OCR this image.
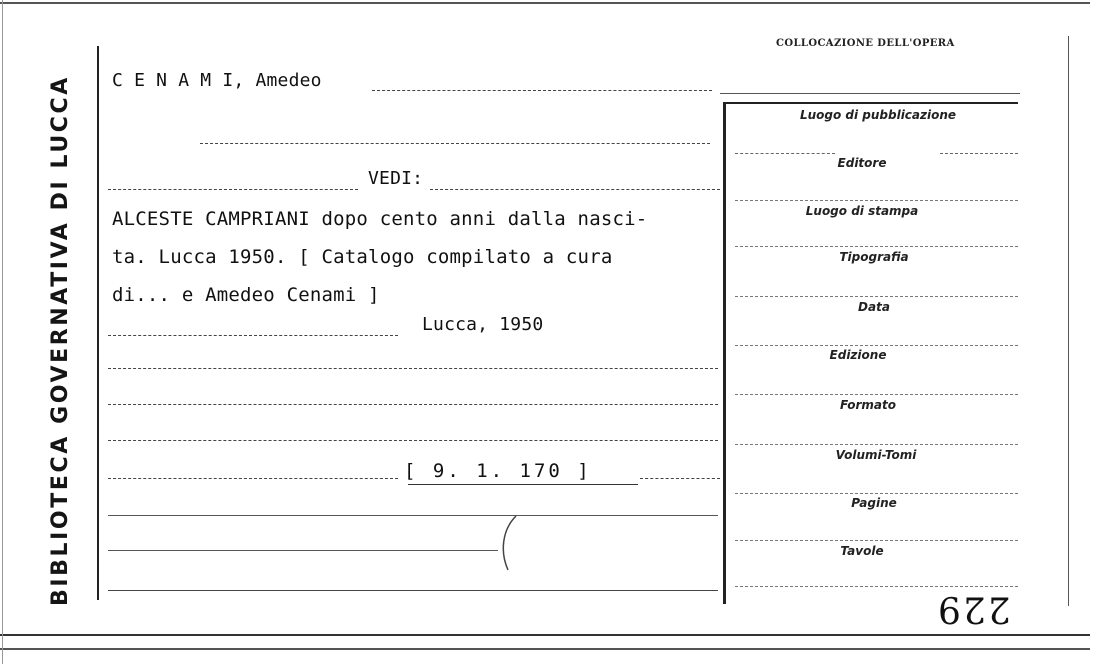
BIBLIOTECA GOVERNATIVA DI LUCCA
COLLOCAZIONE DELL'OPERA
C E N A M I, Amedeo
VEDI:
ALCESTE CAMPRIANI dopo cento anni dalla nasci-
ta. Lucca 1950. [ Catalogo compilato a cura
di... e Amedeo Cenami ]
Lucca, 1950
[ 9. 1. 170 ]
Luogo di pubblicazione
Editore
Luogo di stampa
Tipografia
Data
Edizione
Formato
Volumi-Tomi
Pagine
Tavole
229
